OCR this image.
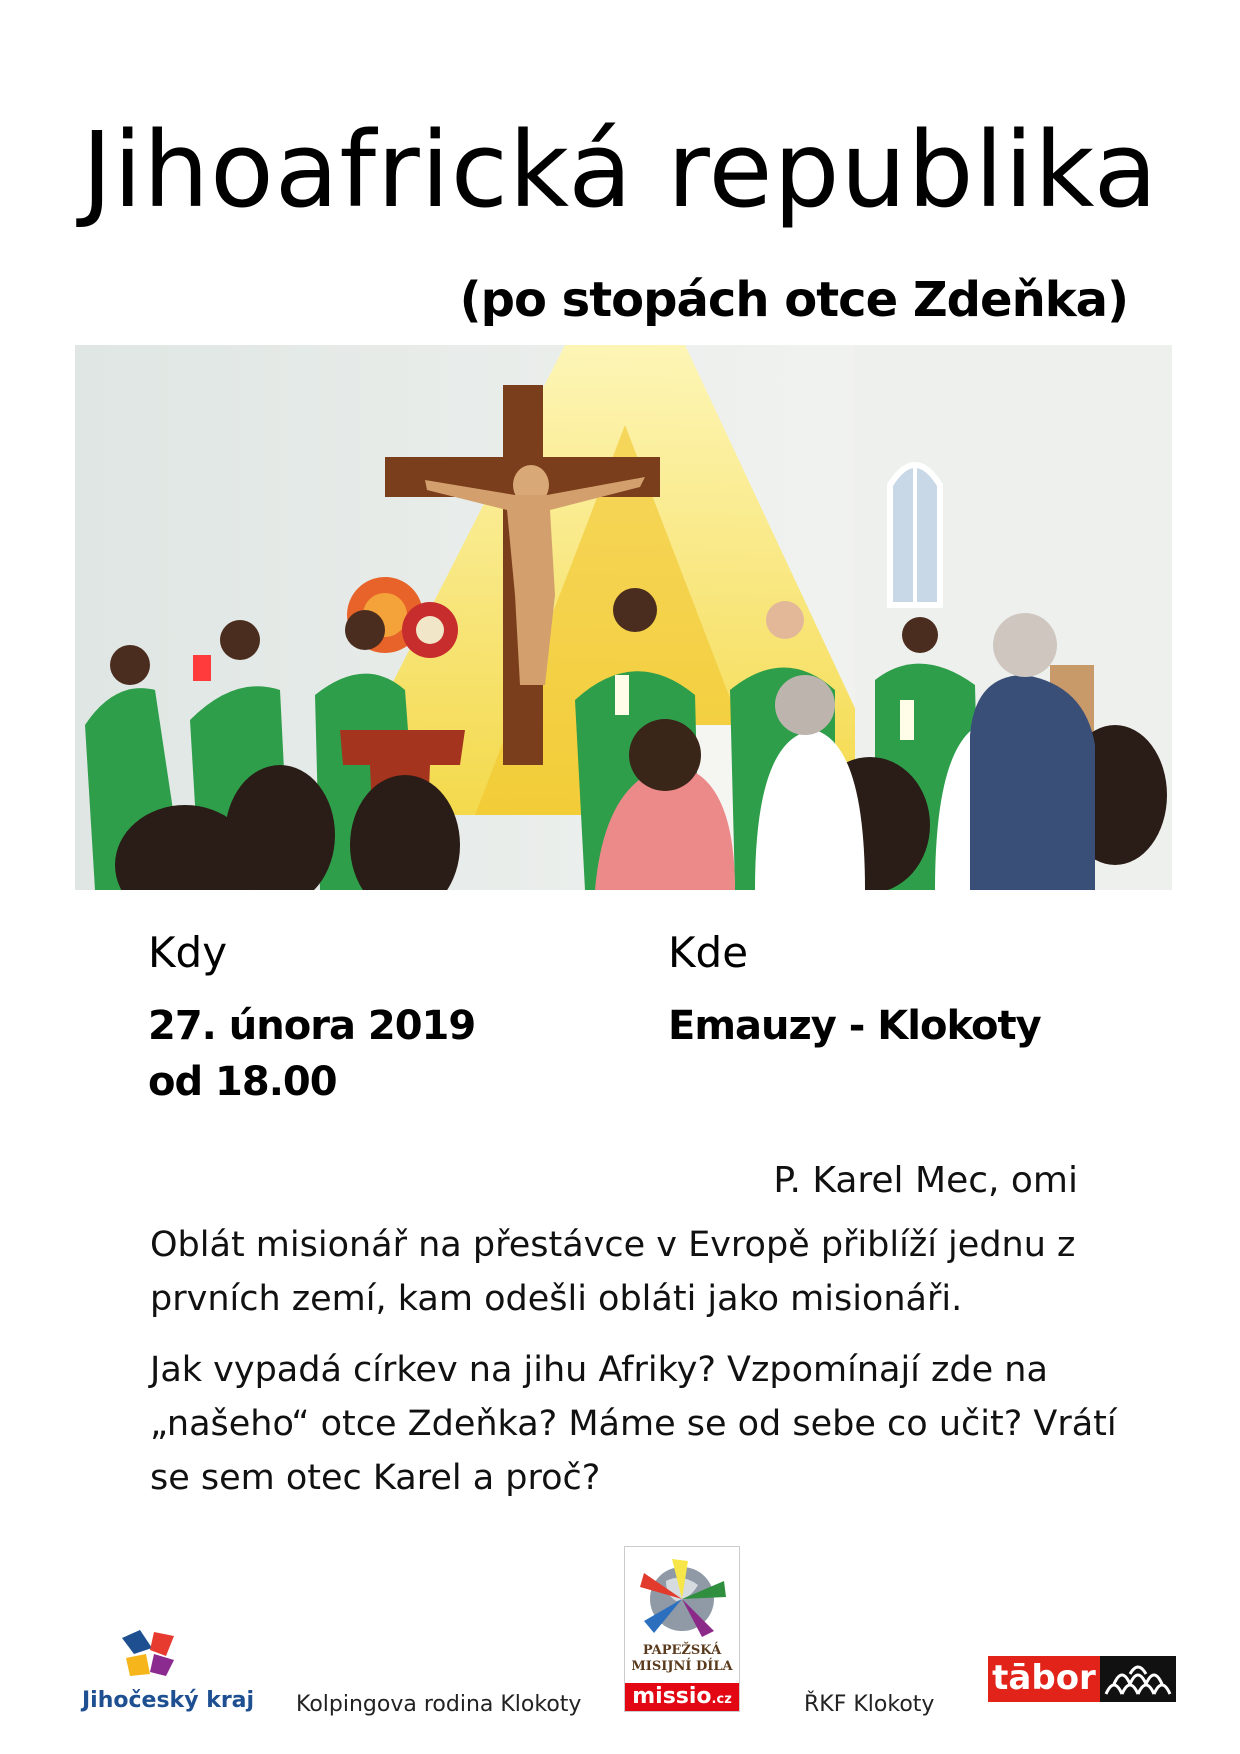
Jihoafrická republika
(po stopách otce Zdeňka)
Kdy
27. února 2019
od 18.00
Kde
Emauzy - Klokoty
P. Karel Mec, omi
Oblát misionář na přestávce v Evropě přiblíží jednu z prvních zemí, kam odešli obláti jako misionáři.
Jak vypadá církev na jihu Afriky? Vzpomínají zde na „našeho“ otce Zdeňka? Máme se od sebe co učit? Vrátí se sem otec Karel a proč?
Jihočeský kraj Kolpingova rodina Klokoty
PAPEŽSKÁ
MISIJNÍ DÍLA
missio.cz	ŘKF Klokoty
tābor
